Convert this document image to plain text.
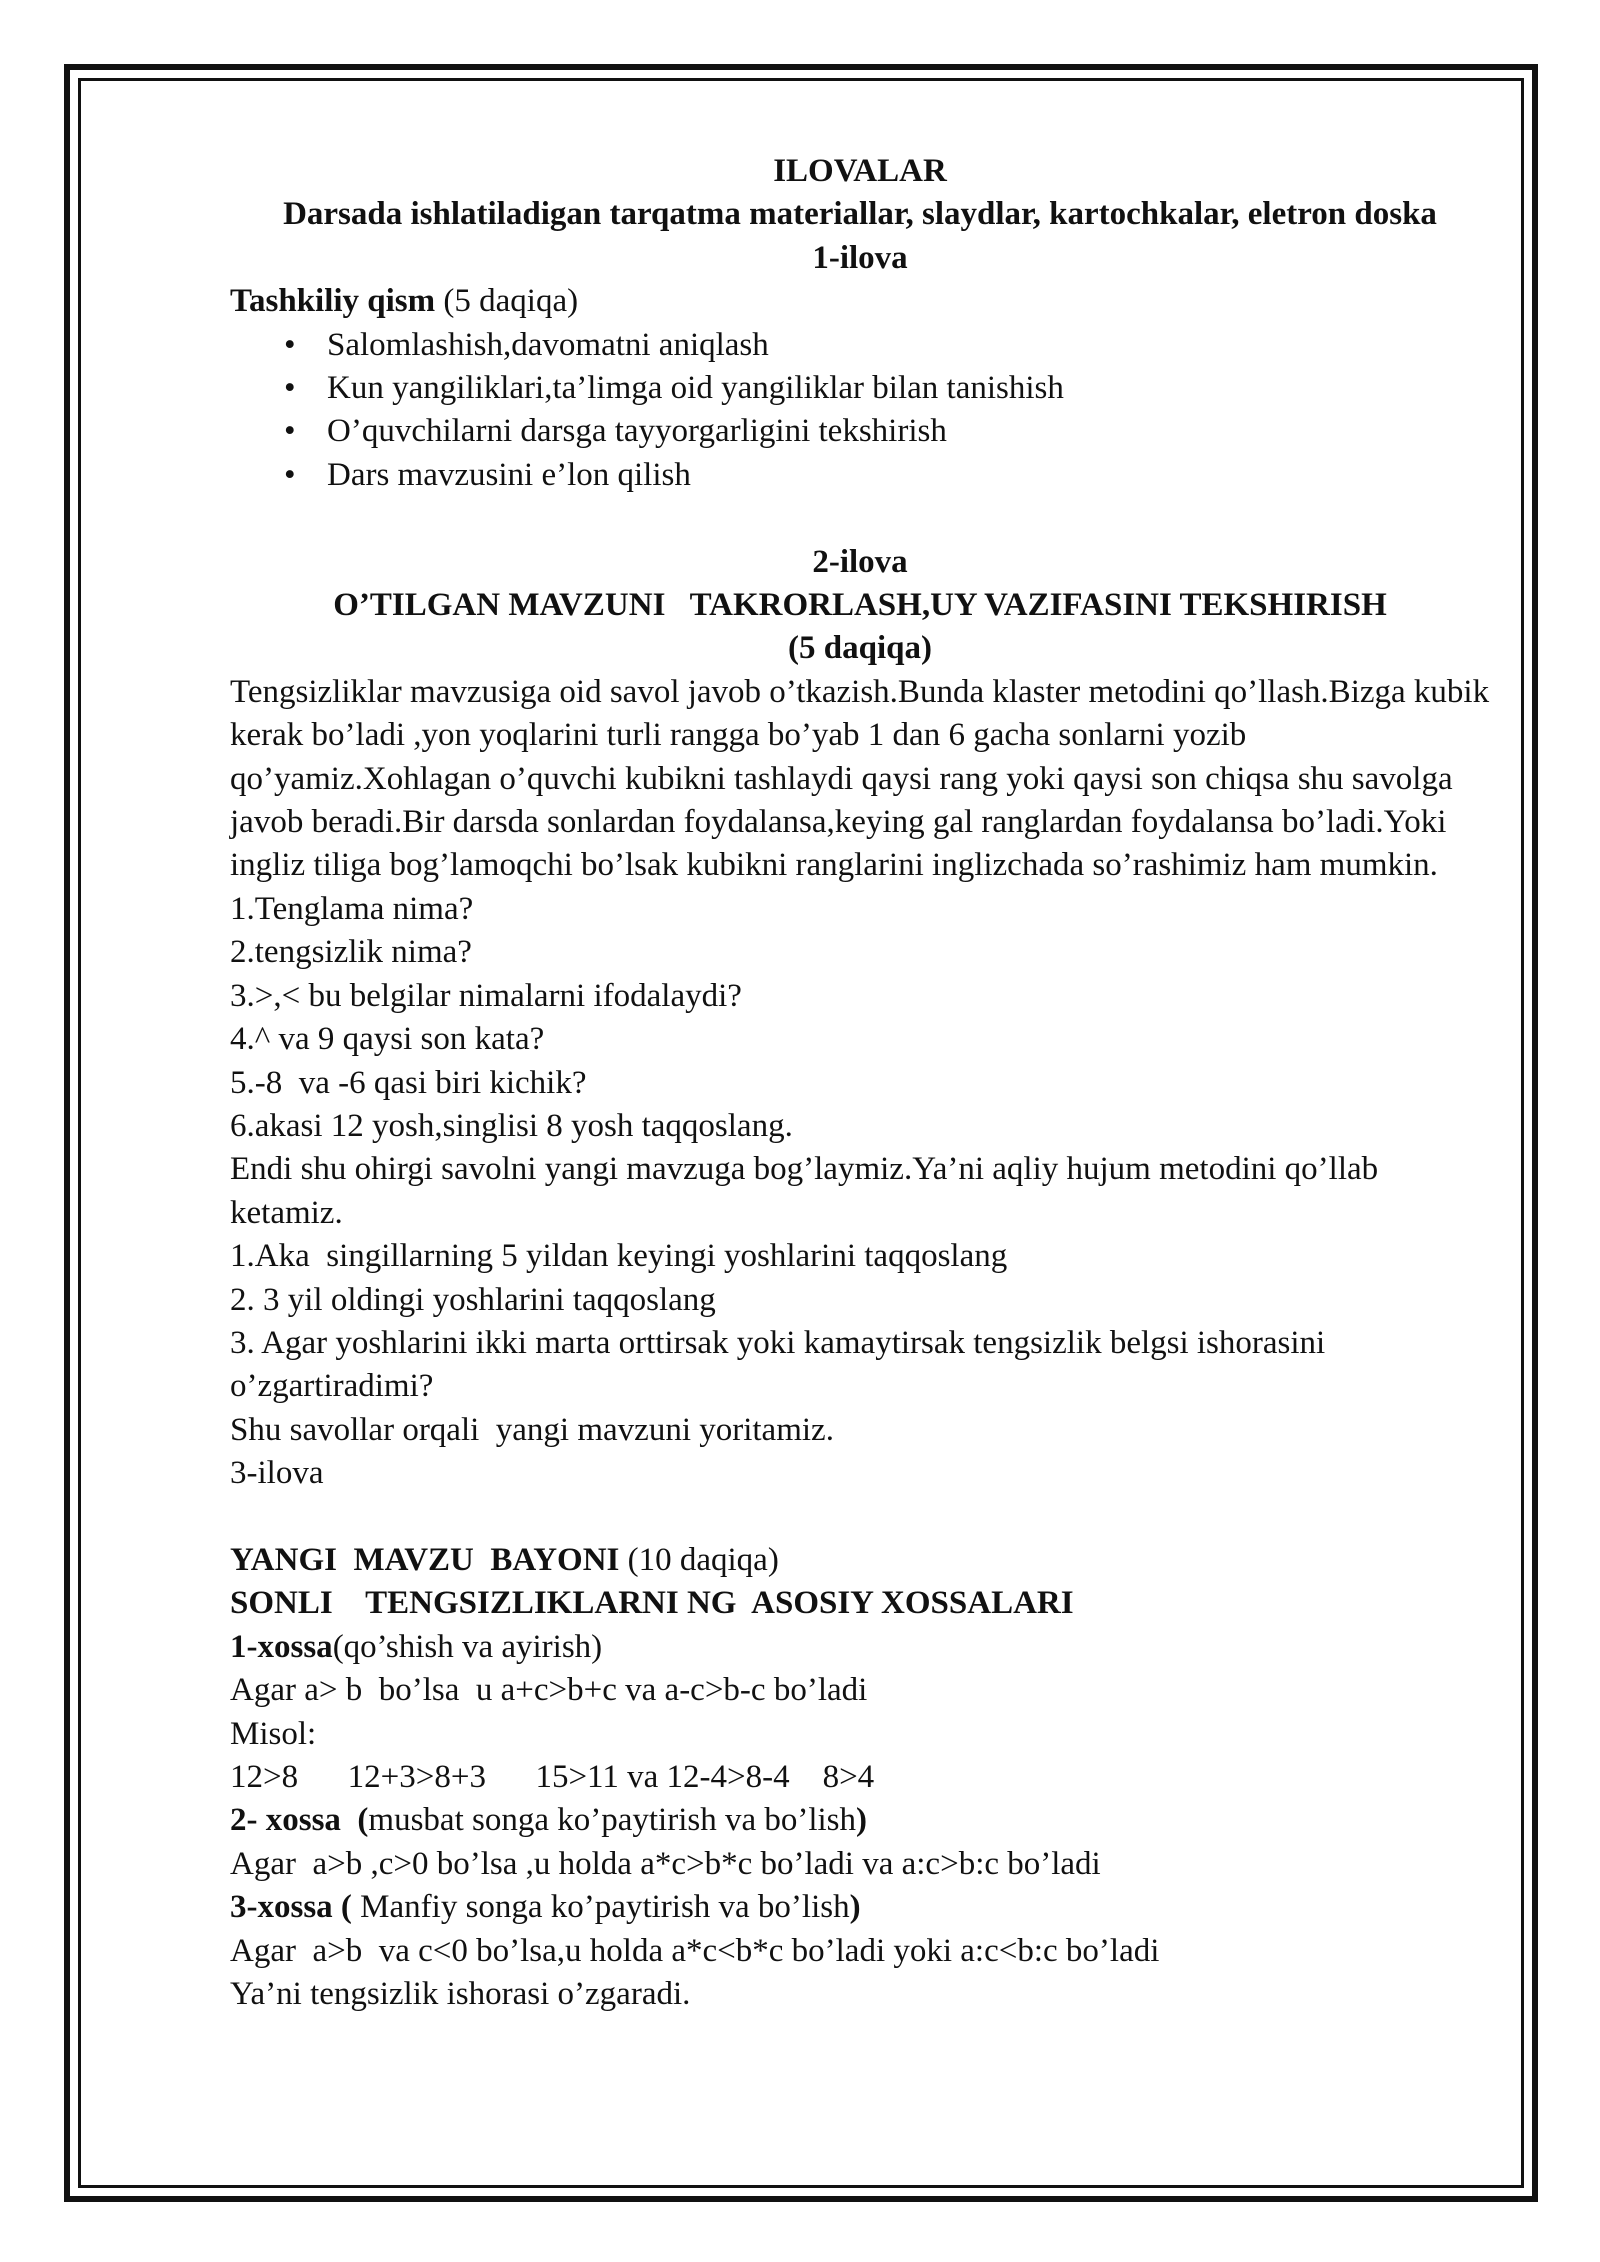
ILOVALAR
Darsada ishlatiladigan tarqatma materiallar, slaydlar, kartochkalar, eletron doska
1-ilova
Tashkiliy qism (5 daqiqa)
• Salomlashish,davomatni aniqlash
• Kun yangiliklari,ta’limga oid yangiliklar bilan tanishish
• O’quvchilarni darsga tayyorgarligini tekshirish
• Dars mavzusini e’lon qilish
2-ilova
O’TILGAN MAVZUNI   TAKRORLASH,UY VAZIFASINI TEKSHIRISH
(5 daqiqa)
Tengsizliklar mavzusiga oid savol javob o’tkazish.Bunda klaster metodini qo’llash.Bizga kubik kerak bo’ladi ,yon yoqlarini turli rangga bo’yab 1 dan 6 gacha sonlarni yozib qo’yamiz.Xohlagan o’quvchi kubikni tashlaydi qaysi rang yoki qaysi son chiqsa shu savolga javob beradi.Bir darsda sonlardan foydalansa,keying gal ranglardan foydalansa bo’ladi.Yoki ingliz tiliga bog’lamoqchi bo’lsak kubikni ranglarini inglizchada so’rashimiz ham mumkin.
1.Tenglama nima?
2.tengsizlik nima?
3.>,< bu belgilar nimalarni ifodalaydi?
4.^ va 9 qaysi son kata?
5.-8  va -6 qasi biri kichik?
6.akasi 12 yosh,singlisi 8 yosh taqqoslang.
Endi shu ohirgi savolni yangi mavzuga bog’laymiz.Ya’ni aqliy hujum metodini qo’llab ketamiz.
1.Aka  singillarning 5 yildan keyingi yoshlarini taqqoslang
2. 3 yil oldingi yoshlarini taqqoslang
3. Agar yoshlarini ikki marta orttirsak yoki kamaytirsak tengsizlik belgsi ishorasini o’zgartiradimi?
Shu savollar orqali  yangi mavzuni yoritamiz.
3-ilova
YANGI  MAVZU  BAYONI (10 daqiqa)
SONLI    TENGSIZLIKLARNI NG  ASOSIY XOSSALARI
1-xossa(qo’shish va ayirish)
Agar a> b  bo’lsa  u a+c>b+c va a-c>b-c bo’ladi
Misol:
12>8      12+3>8+3      15>11 va 12-4>8-4    8>4
2- xossa  (musbat songa ko’paytirish va bo’lish)
Agar  a>b ,c>0 bo’lsa ,u holda a*c>b*c bo’ladi va a:c>b:c bo’ladi
3-xossa ( Manfiy songa ko’paytirish va bo’lish)
Agar  a>b  va c<0 bo’lsa,u holda a*c<b*c bo’ladi yoki a:c<b:c bo’ladi
Ya’ni tengsizlik ishorasi o’zgaradi.
